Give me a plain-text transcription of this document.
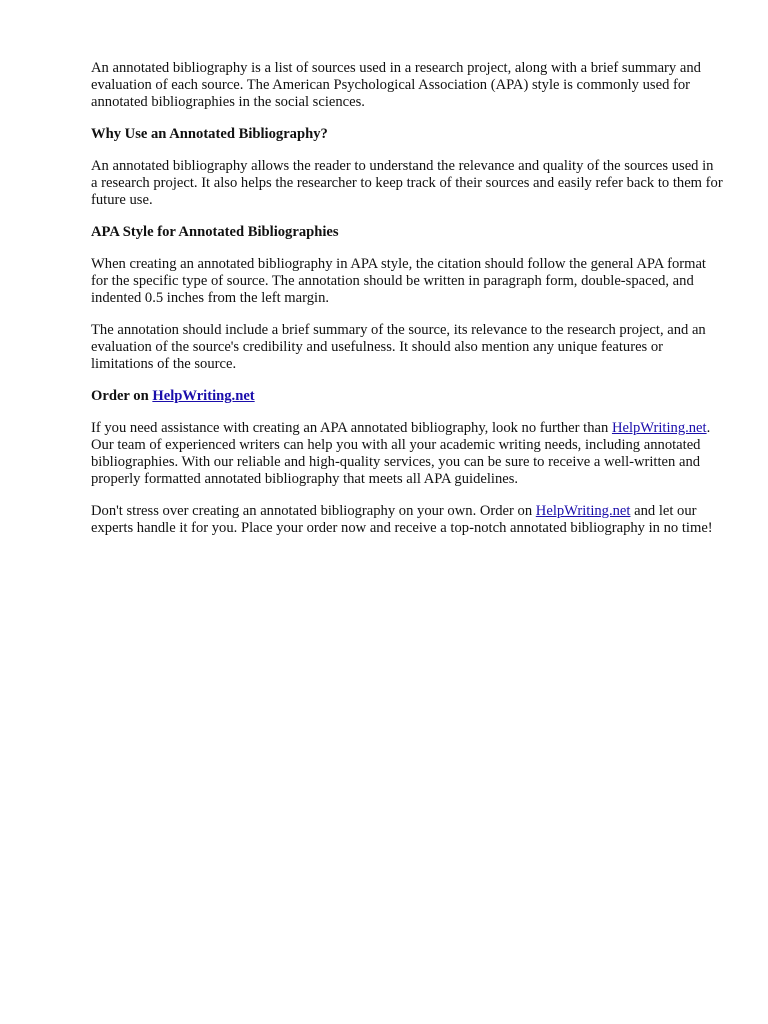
An annotated bibliography is a list of sources used in a research project, along with a brief summary and evaluation of each source. The American Psychological Association (APA) style is commonly used for annotated bibliographies in the social sciences.

Why Use an Annotated Bibliography?

An annotated bibliography allows the reader to understand the relevance and quality of the sources used in a research project. It also helps the researcher to keep track of their sources and easily refer back to them for future use.

APA Style for Annotated Bibliographies

When creating an annotated bibliography in APA style, the citation should follow the general APA format for the specific type of source. The annotation should be written in paragraph form, double-spaced, and indented 0.5 inches from the left margin.

The annotation should include a brief summary of the source, its relevance to the research project, and an evaluation of the source's credibility and usefulness. It should also mention any unique features or limitations of the source.

Order on HelpWriting.net

If you need assistance with creating an APA annotated bibliography, look no further than HelpWriting.net. Our team of experienced writers can help you with all your academic writing needs, including annotated bibliographies. With our reliable and high-quality services, you can be sure to receive a well-written and properly formatted annotated bibliography that meets all APA guidelines.

Don't stress over creating an annotated bibliography on your own. Order on HelpWriting.net and let our experts handle it for you. Place your order now and receive a top-notch annotated bibliography in no time!
